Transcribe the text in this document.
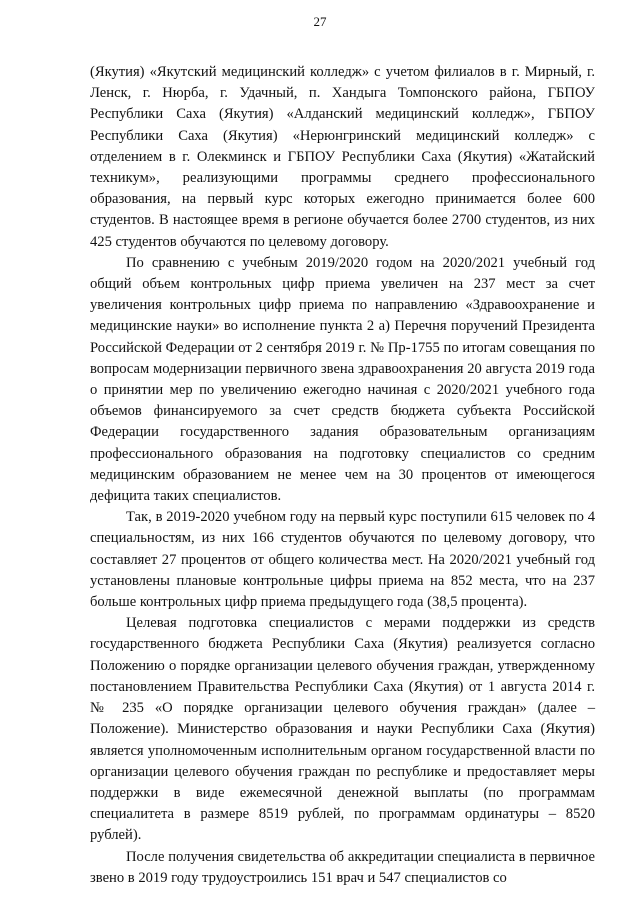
27

(Якутия) «Якутский медицинский колледж» с учетом филиалов в г. Мирный, г. Ленск, г. Нюрба, г. Удачный, п. Хандыга Томпонского района, ГБПОУ Республики Саха (Якутия) «Алданский медицинский колледж», ГБПОУ Республики Саха (Якутия) «Нерюнгринский медицинский колледж» с отделением в г. Олекминск и ГБПОУ Республики Саха (Якутия) «Жатайский техникум», реализующими программы среднего профессионального образования, на первый курс которых ежегодно принимается более 600 студентов. В настоящее время в регионе обучается более 2700 студентов, из них 425 студентов обучаются по целевому договору.

По сравнению с учебным 2019/2020 годом на 2020/2021 учебный год общий объем контрольных цифр приема увеличен на 237 мест за счет увеличения контрольных цифр приема по направлению «Здравоохранение и медицинские науки» во исполнение пункта 2 а) Перечня поручений Президента Российской Федерации от 2 сентября 2019 г. № Пр-1755 по итогам совещания по вопросам модернизации первичного звена здравоохранения 20 августа 2019 года о принятии мер по увеличению ежегодно начиная с 2020/2021 учебного года объемов финансируемого за счет средств бюджета субъекта Российской Федерации государственного задания образовательным организациям профессионального образования на подготовку специалистов со средним медицинским образованием не менее чем на 30 процентов от имеющегося дефицита таких специалистов.

Так, в 2019-2020 учебном году на первый курс поступили 615 человек по 4 специальностям, из них 166 студентов обучаются по целевому договору, что составляет 27 процентов от общего количества мест. На 2020/2021 учебный год установлены плановые контрольные цифры приема на 852 места, что на 237 больше контрольных цифр приема предыдущего года (38,5 процента).

Целевая подготовка специалистов с мерами поддержки из средств государственного бюджета Республики Саха (Якутия) реализуется согласно Положению о порядке организации целевого обучения граждан, утвержденному постановлением Правительства Республики Саха (Якутия) от 1 августа 2014 г. № 235 «О порядке организации целевого обучения граждан» (далее – Положение). Министерство образования и науки Республики Саха (Якутия) является уполномоченным исполнительным органом государственной власти по организации целевого обучения граждан по республике и предоставляет меры поддержки в виде ежемесячной денежной выплаты (по программам специалитета в размере 8519 рублей, по программам ординатуры – 8520 рублей).

После получения свидетельства об аккредитации специалиста в первичное звено в 2019 году трудоустроились 151 врач и 547 специалистов со
